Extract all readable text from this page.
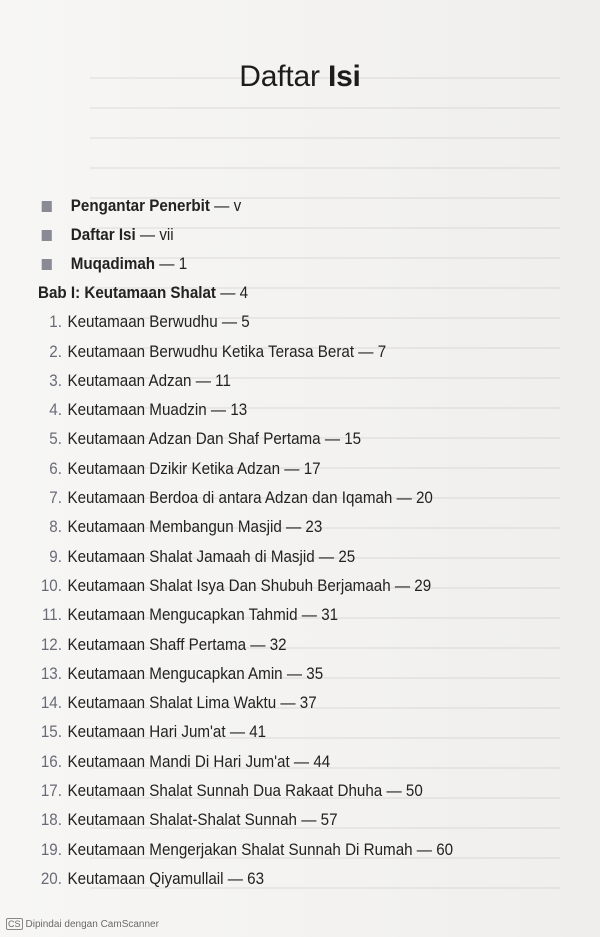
Daftar Isi
Pengantar Penerbit — v
Daftar Isi — vii
Muqadimah — 1
Bab I: Keutamaan Shalat — 4
1. Keutamaan Berwudhu — 5
2. Keutamaan Berwudhu Ketika Terasa Berat — 7
3. Keutamaan Adzan — 11
4. Keutamaan Muadzin — 13
5. Keutamaan Adzan Dan Shaf Pertama — 15
6. Keutamaan Dzikir Ketika Adzan — 17
7. Keutamaan Berdoa di antara Adzan dan Iqamah — 20
8. Keutamaan Membangun Masjid — 23
9. Keutamaan Shalat Jamaah di Masjid — 25
10. Keutamaan Shalat Isya Dan Shubuh Berjamaah — 29
11. Keutamaan Mengucapkan Tahmid — 31
12. Keutamaan Shaff Pertama — 32
13. Keutamaan Mengucapkan Amin — 35
14. Keutamaan Shalat Lima Waktu — 37
15. Keutamaan Hari Jum'at — 41
16. Keutamaan Mandi Di Hari Jum'at — 44
17. Keutamaan Shalat Sunnah Dua Rakaat Dhuha — 50
18. Keutamaan Shalat-Shalat Sunnah — 57
19. Keutamaan Mengerjakan Shalat Sunnah Di Rumah — 60
20. Keutamaan Qiyamullail — 63
CS Dipindai dengan CamScanner
